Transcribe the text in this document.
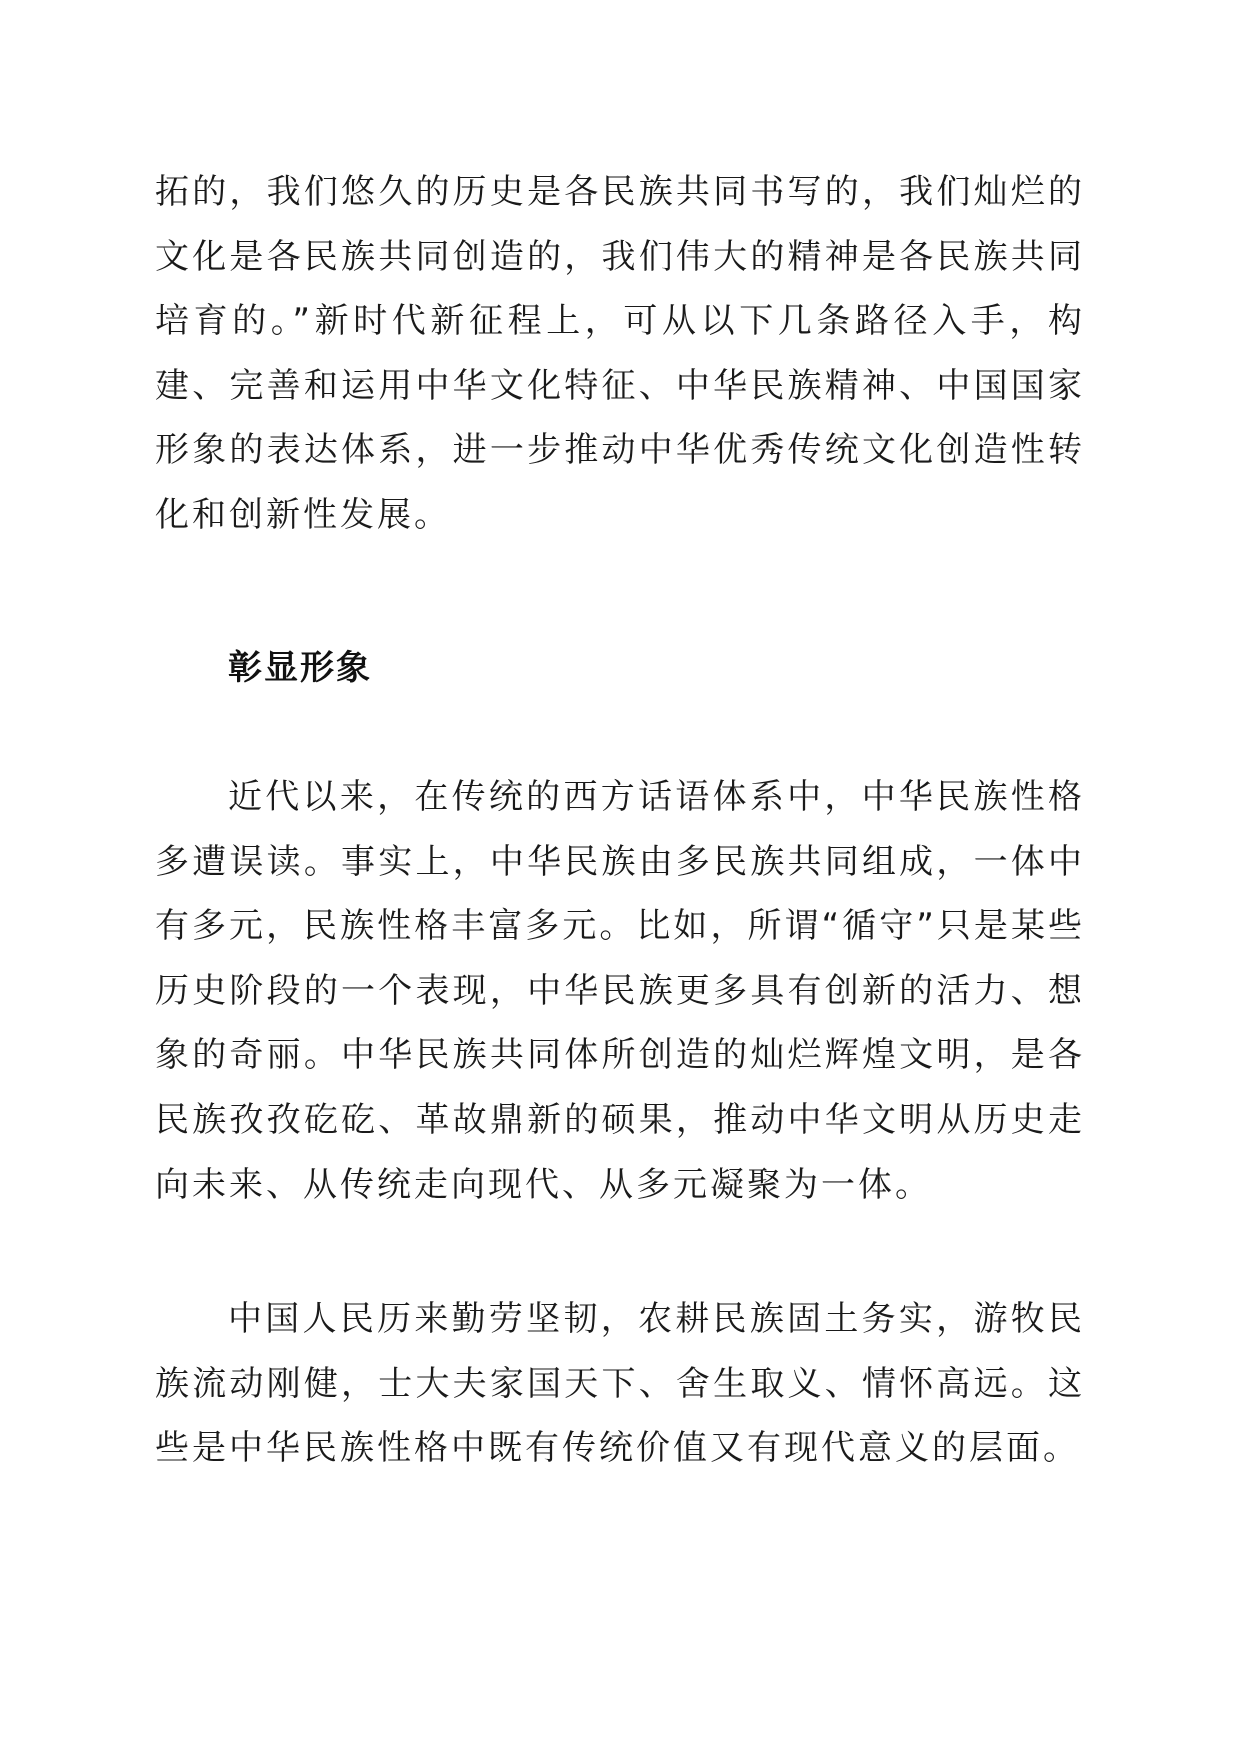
拓的，我们悠久的历史是各民族共同书写的，我们灿烂的文化是各民族共同创造的，我们伟大的精神是各民族共同培育的。”新时代新征程上，可从以下几条路径入手，构建、完善和运用中华文化特征、中华民族精神、中国国家形象的表达体系，进一步推动中华优秀传统文化创造性转化和创新性发展。

彰显形象

近代以来，在传统的西方话语体系中，中华民族性格多遭误读。事实上，中华民族由多民族共同组成，一体中有多元，民族性格丰富多元。比如，所谓“循守”只是某些历史阶段的一个表现，中华民族更多具有创新的活力、想象的奇丽。中华民族共同体所创造的灿烂辉煌文明，是各民族孜孜矻矻、革故鼎新的硕果，推动中华文明从历史走向未来、从传统走向现代、从多元凝聚为一体。

中国人民历来勤劳坚韧，农耕民族固土务实，游牧民族流动刚健，士大夫家国天下、舍生取义、情怀高远。这些是中华民族性格中既有传统价值又有现代意义的层面。
